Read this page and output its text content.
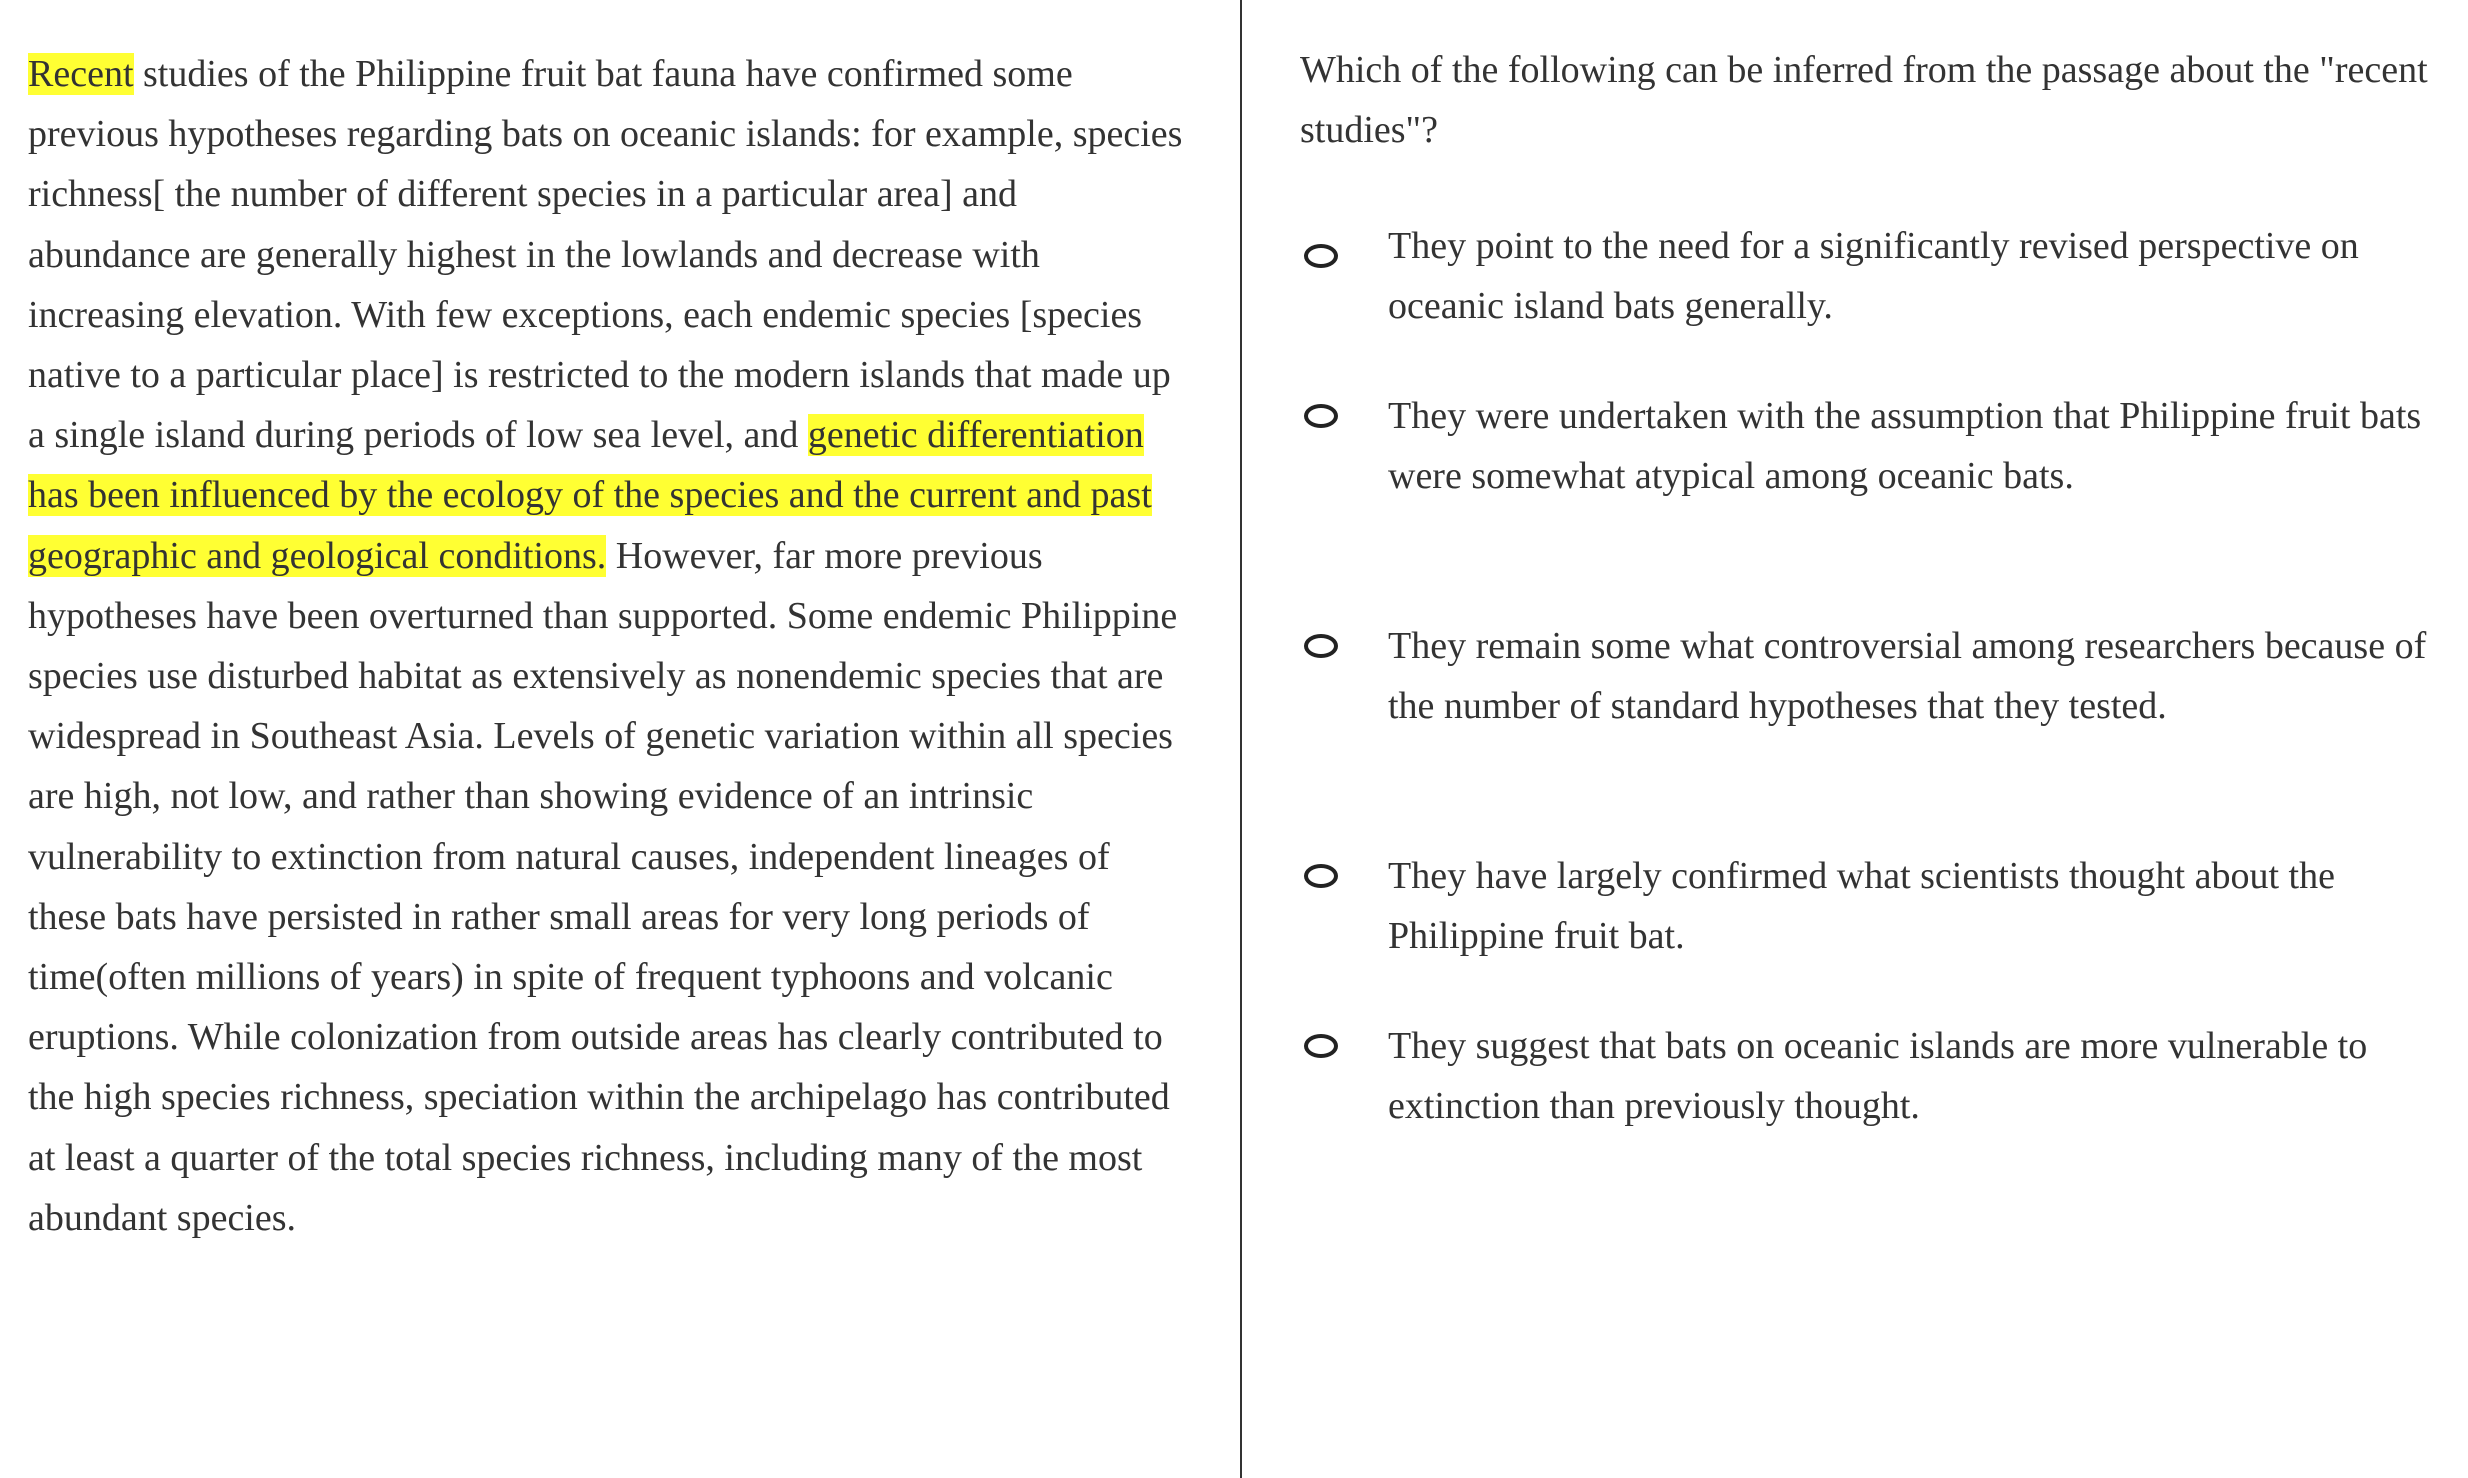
Recent studies of the Philippine fruit bat fauna have confirmed some previous hypotheses regarding bats on oceanic islands: for example, species richness[ the number of different species in a particular area] and abundance are generally highest in the lowlands and decrease with increasing elevation. With few exceptions, each endemic species [species native to a particular place] is restricted to the modern islands that made up a single island during periods of low sea level, and genetic differentiation has been influenced by the ecology of the species and the current and past geographic and geological conditions. However, far more previous hypotheses have been overturned than supported. Some endemic Philippine species use disturbed habitat as extensively as nonendemic species that are widespread in Southeast Asia. Levels of genetic variation within all species are high, not low, and rather than showing evidence of an intrinsic vulnerability to extinction from natural causes, independent lineages of these bats have persisted in rather small areas for very long periods of time(often millions of years) in spite of frequent typhoons and volcanic eruptions. While colonization from outside areas has clearly contributed to the high species richness, speciation within the archipelago has contributed at least a quarter of the total species richness, including many of the most abundant species.

Which of the following can be inferred from the passage about the "recent studies"?

They point to the need for a significantly revised perspective on oceanic island bats generally.
They were undertaken with the assumption that Philippine fruit bats were somewhat atypical among oceanic bats.
They remain some what controversial among researchers because of the number of standard hypotheses that they tested.
They have largely confirmed what scientists thought about the Philippine fruit bat.
They suggest that bats on oceanic islands are more vulnerable to extinction than previously thought.
